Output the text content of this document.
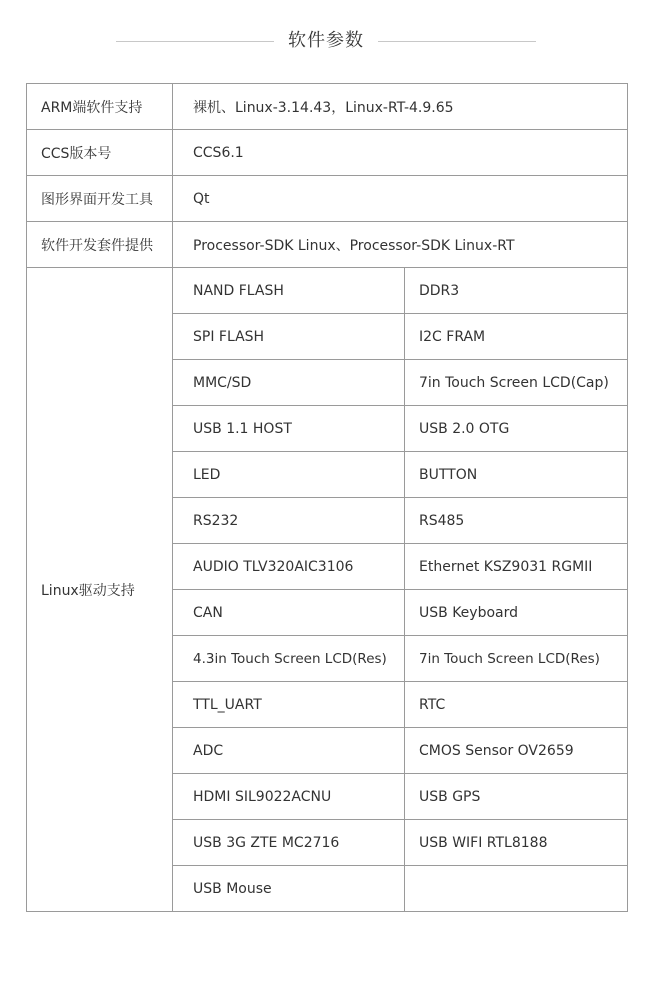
软件参数
ARM端软件支持	裸机、Linux-3.14.43，Linux-RT-4.9.65	
CCS版本号	CCS6.1	
图形界面开发工具	Qt	
软件开发套件提供	Processor-SDK Linux、Processor-SDK Linux-RT	
Linux驱动支持	NAND FLASH	DDR3
	SPI FLASH	I2C FRAM
	MMC/SD	7in Touch Screen LCD(Cap)
	USB 1.1 HOST	USB 2.0 OTG
	LED	BUTTON
	RS232	RS485
	AUDIO TLV320AIC3106	Ethernet KSZ9031 RGMII
	CAN	USB Keyboard
	4.3in Touch Screen LCD(Res)	7in Touch Screen LCD(Res)
	TTL_UART	RTC
	ADC	CMOS Sensor OV2659
	HDMI SIL9022ACNU	USB GPS
	USB 3G ZTE MC2716	USB WIFI RTL8188
	USB Mouse	
